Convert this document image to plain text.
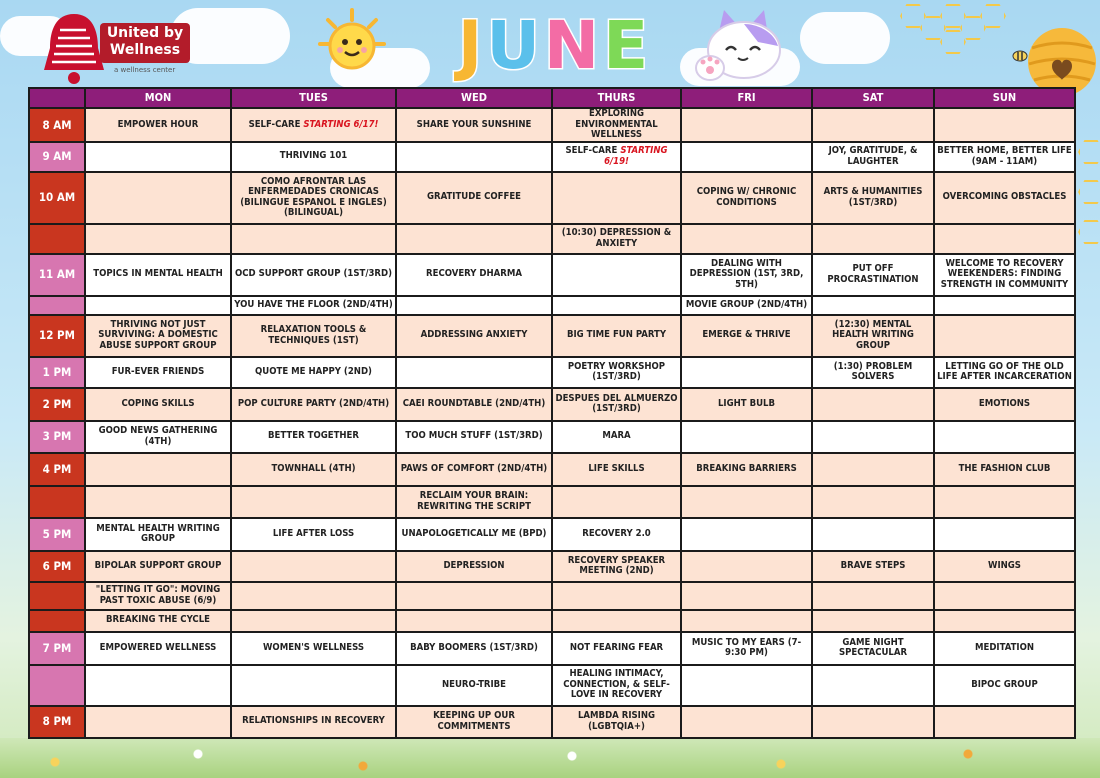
United by
Wellness
a wellness center	JUNE
	MON	TUES	WED	THURS	FRI	SAT	SUN
8 AM	EMPOWER HOUR	SELF-CARE STARTING 6/17!	SHARE YOUR SUNSHINE	EXPLORING ENVIRONMENTAL WELLNESS			
9 AM		THRIVING 101		SELF-CARE STARTING 6/19!		JOY, GRATITUDE, & LAUGHTER	BETTER HOME, BETTER LIFE (9AM - 11AM)
10 AM		COMO AFRONTAR LAS ENFERMEDADES CRONICAS (BILINGUE ESPANOL E INGLES) (BILINGUAL)	GRATITUDE COFFEE		COPING W/ CHRONIC CONDITIONS	ARTS & HUMANITIES (1ST/3RD)	OVERCOMING OBSTACLES
				(10:30) DEPRESSION & ANXIETY			
11 AM	TOPICS IN MENTAL HEALTH	OCD SUPPORT GROUP (1ST/3RD)	RECOVERY DHARMA		DEALING WITH DEPRESSION (1ST, 3RD, 5TH)	PUT OFF PROCRASTINATION	WELCOME TO RECOVERY WEEKENDERS: FINDING STRENGTH IN COMMUNITY
		YOU HAVE THE FLOOR (2ND/4TH)			MOVIE GROUP (2ND/4TH)		
12 PM	THRIVING NOT JUST SURVIVING: A DOMESTIC ABUSE SUPPORT GROUP	RELAXATION TOOLS & TECHNIQUES (1ST)	ADDRESSING ANXIETY	BIG TIME FUN PARTY	EMERGE & THRIVE	(12:30) MENTAL HEALTH WRITING GROUP	
1 PM	FUR-EVER FRIENDS	QUOTE ME HAPPY (2ND)		POETRY WORKSHOP (1ST/3RD)		(1:30) PROBLEM SOLVERS	LETTING GO OF THE OLD LIFE AFTER INCARCERATION
2 PM	COPING SKILLS	POP CULTURE PARTY (2ND/4TH)	CAEI ROUNDTABLE (2ND/4TH)	DESPUES DEL ALMUERZO (1ST/3RD)	LIGHT BULB		EMOTIONS
3 PM	GOOD NEWS GATHERING (4TH)	BETTER TOGETHER	TOO MUCH STUFF (1ST/3RD)	MARA			
4 PM		TOWNHALL (4TH)	PAWS OF COMFORT (2ND/4TH)	LIFE SKILLS	BREAKING BARRIERS		THE FASHION CLUB
			RECLAIM YOUR BRAIN: REWRITING THE SCRIPT				
5 PM	MENTAL HEALTH WRITING GROUP	LIFE AFTER LOSS	UNAPOLOGETICALLY ME (BPD)	RECOVERY 2.0			
6 PM	BIPOLAR SUPPORT GROUP		DEPRESSION	RECOVERY SPEAKER MEETING (2ND)		BRAVE STEPS	WINGS
	"LETTING IT GO": MOVING PAST TOXIC ABUSE (6/9)						
	BREAKING THE CYCLE						
7 PM	EMPOWERED WELLNESS	WOMEN'S WELLNESS	BABY BOOMERS (1ST/3RD)	NOT FEARING FEAR	MUSIC TO MY EARS (7-9:30 PM)	GAME NIGHT SPECTACULAR	MEDITATION
			NEURO-TRIBE	HEALING INTIMACY, CONNECTION, & SELF-LOVE IN RECOVERY			BIPOC GROUP
8 PM		RELATIONSHIPS IN RECOVERY	KEEPING UP OUR COMMITMENTS	LAMBDA RISING (LGBTQIA+)			
